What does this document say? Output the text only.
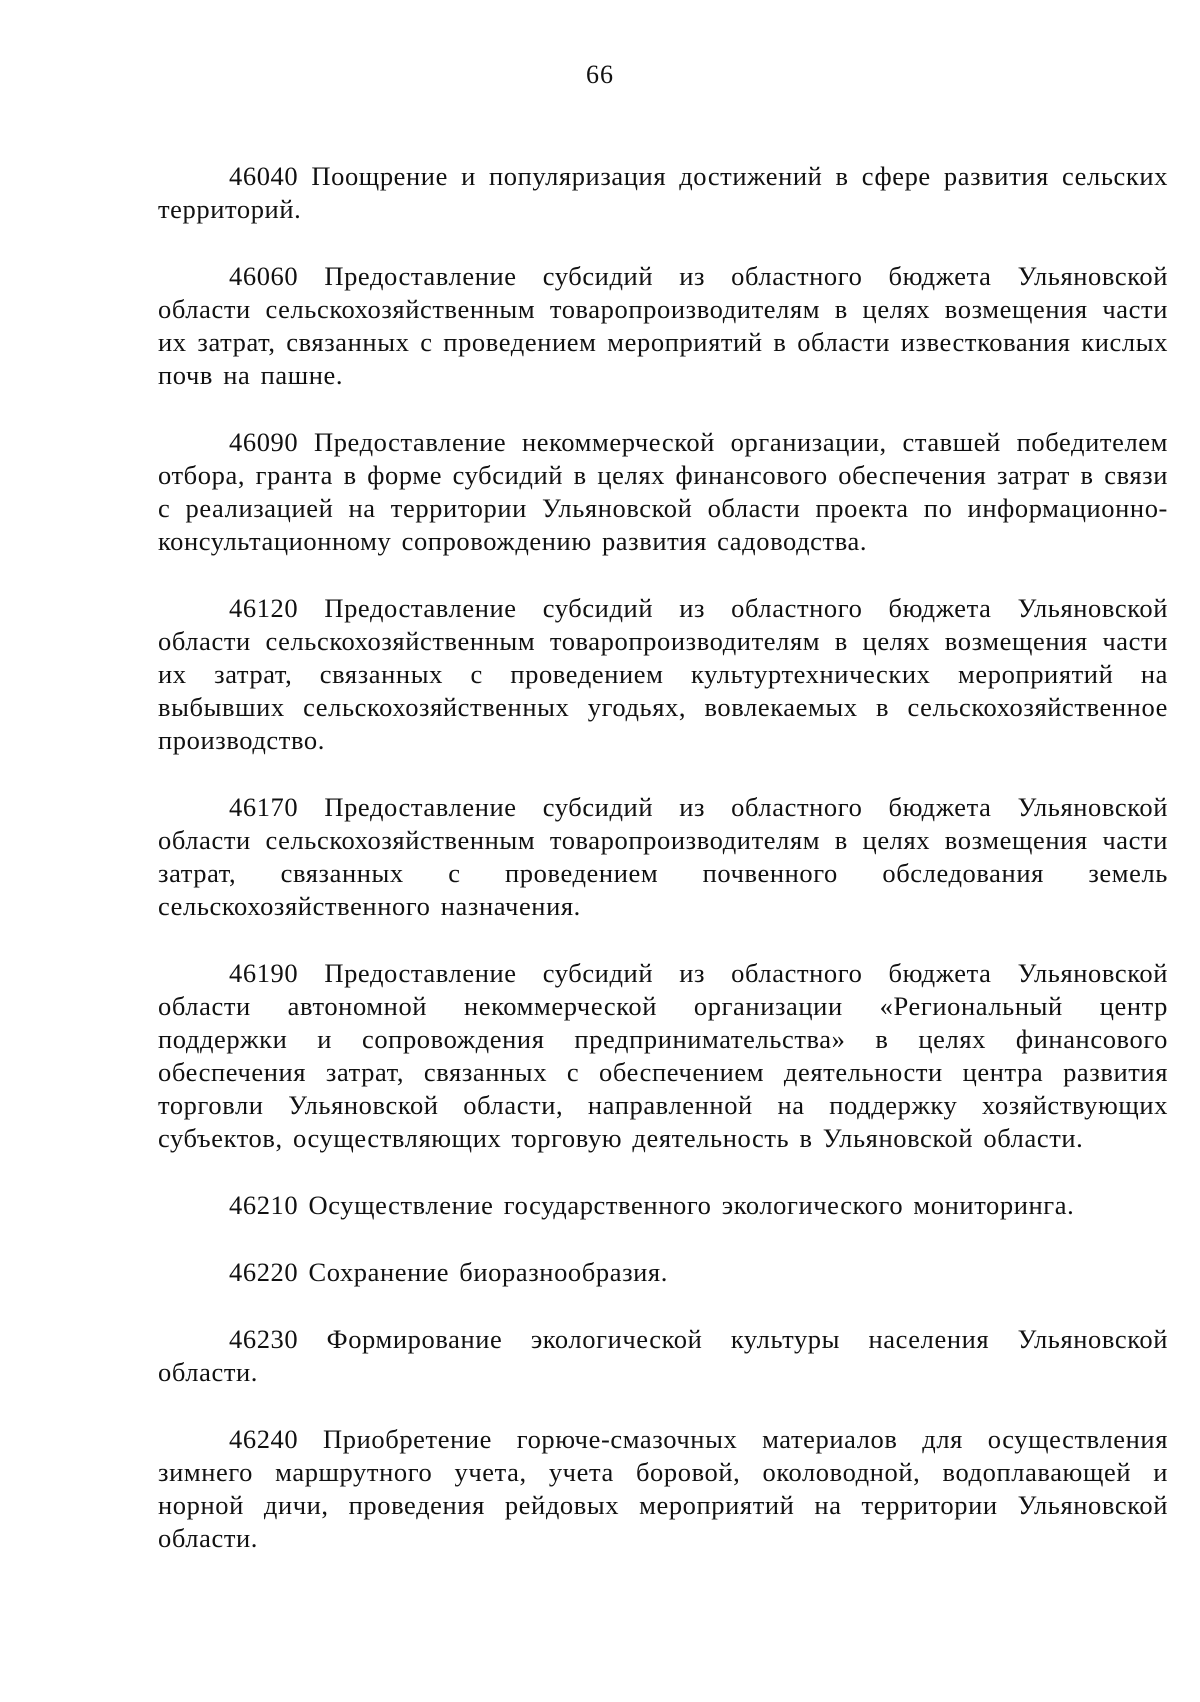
66

46040 Поощрение и популяризация достижений в сфере развития сельских территорий.

46060 Предоставление субсидий из областного бюджета Ульяновской области сельскохозяйственным товаропроизводителям в целях возмещения части их затрат, связанных с проведением мероприятий в области известкования кислых почв на пашне.

46090 Предоставление некоммерческой организации, ставшей победителем отбора, гранта в форме субсидий в целях финансового обеспечения затрат в связи с реализацией на территории Ульяновской области проекта по информационно-консультационному сопровождению развития садоводства.

46120 Предоставление субсидий из областного бюджета Ульяновской области сельскохозяйственным товаропроизводителям в целях возмещения части их затрат, связанных с проведением культуртехнических мероприятий на выбывших сельскохозяйственных угодьях, вовлекаемых в сельскохозяйственное производство.

46170 Предоставление субсидий из областного бюджета Ульяновской области сельскохозяйственным товаропроизводителям в целях возмещения части затрат, связанных с проведением почвенного обследования земель сельскохозяйственного назначения.

46190 Предоставление субсидий из областного бюджета Ульяновской области автономной некоммерческой организации «Региональный центр поддержки и сопровождения предпринимательства» в целях финансового обеспечения затрат, связанных с обеспечением деятельности центра развития торговли Ульяновской области, направленной на поддержку хозяйствующих субъектов, осуществляющих торговую деятельность в Ульяновской области.

46210 Осуществление государственного экологического мониторинга.

46220 Сохранение биоразнообразия.

46230 Формирование экологической культуры населения Ульяновской области.

46240 Приобретение горюче-смазочных материалов для осуществления зимнего маршрутного учета, учета боровой, околоводной, водоплавающей и норной дичи, проведения рейдовых мероприятий на территории Ульяновской области.
